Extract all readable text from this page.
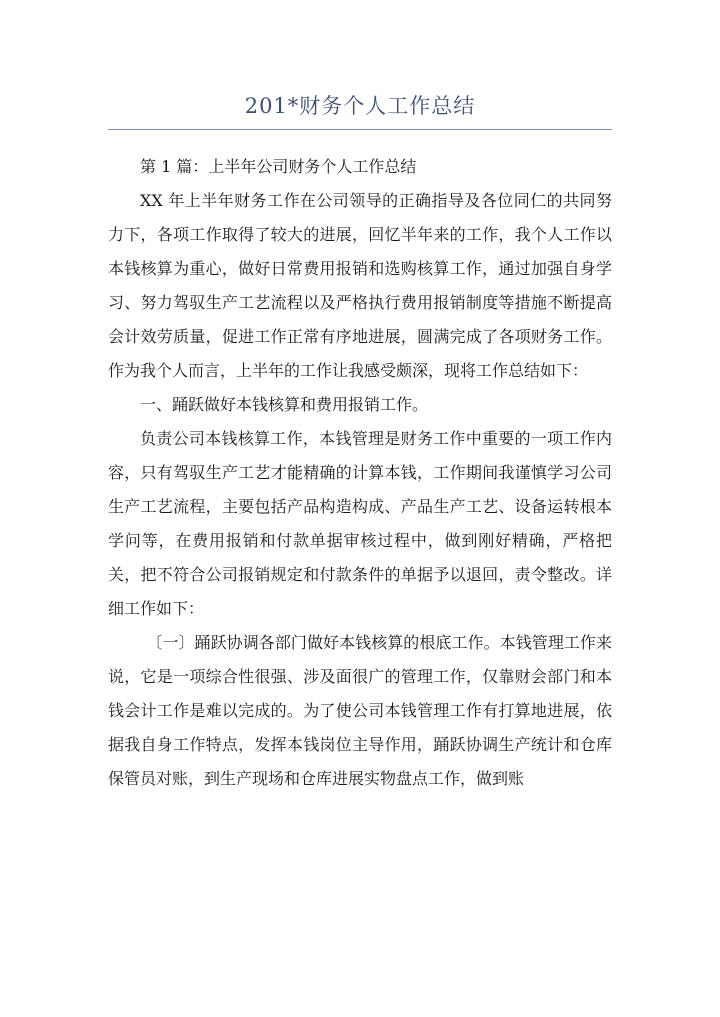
201*财务个人工作总结

第 1 篇：上半年公司财务个人工作总结

XX 年上半年财务工作在公司领导的正确指导及各位同仁的共同努力下，各项工作取得了较大的进展，回忆半年来的工作，我个人工作以本钱核算为重心，做好日常费用报销和选购核算工作，通过加强自身学习、努力驾驭生产工艺流程以及严格执行费用报销制度等措施不断提高会计效劳质量，促进工作正常有序地进展，圆满完成了各项财务工作。作为我个人而言，上半年的工作让我感受颇深，现将工作总结如下：

一、踊跃做好本钱核算和费用报销工作。

负责公司本钱核算工作，本钱管理是财务工作中重要的一项工作内容，只有驾驭生产工艺才能精确的计算本钱，工作期间我谨慎学习公司生产工艺流程，主要包括产品构造构成、产品生产工艺、设备运转根本学问等，在费用报销和付款单据审核过程中，做到刚好精确，严格把关，把不符合公司报销规定和付款条件的单据予以退回，责令整改。详细工作如下：

〔一〕踊跃协调各部门做好本钱核算的根底工作。本钱管理工作来说，它是一项综合性很强、涉及面很广的管理工作，仅靠财会部门和本钱会计工作是难以完成的。为了使公司本钱管理工作有打算地进展，依据我自身工作特点，发挥本钱岗位主导作用，踊跃协调生产统计和仓库保管员对账，到生产现场和仓库进展实物盘点工作，做到账
